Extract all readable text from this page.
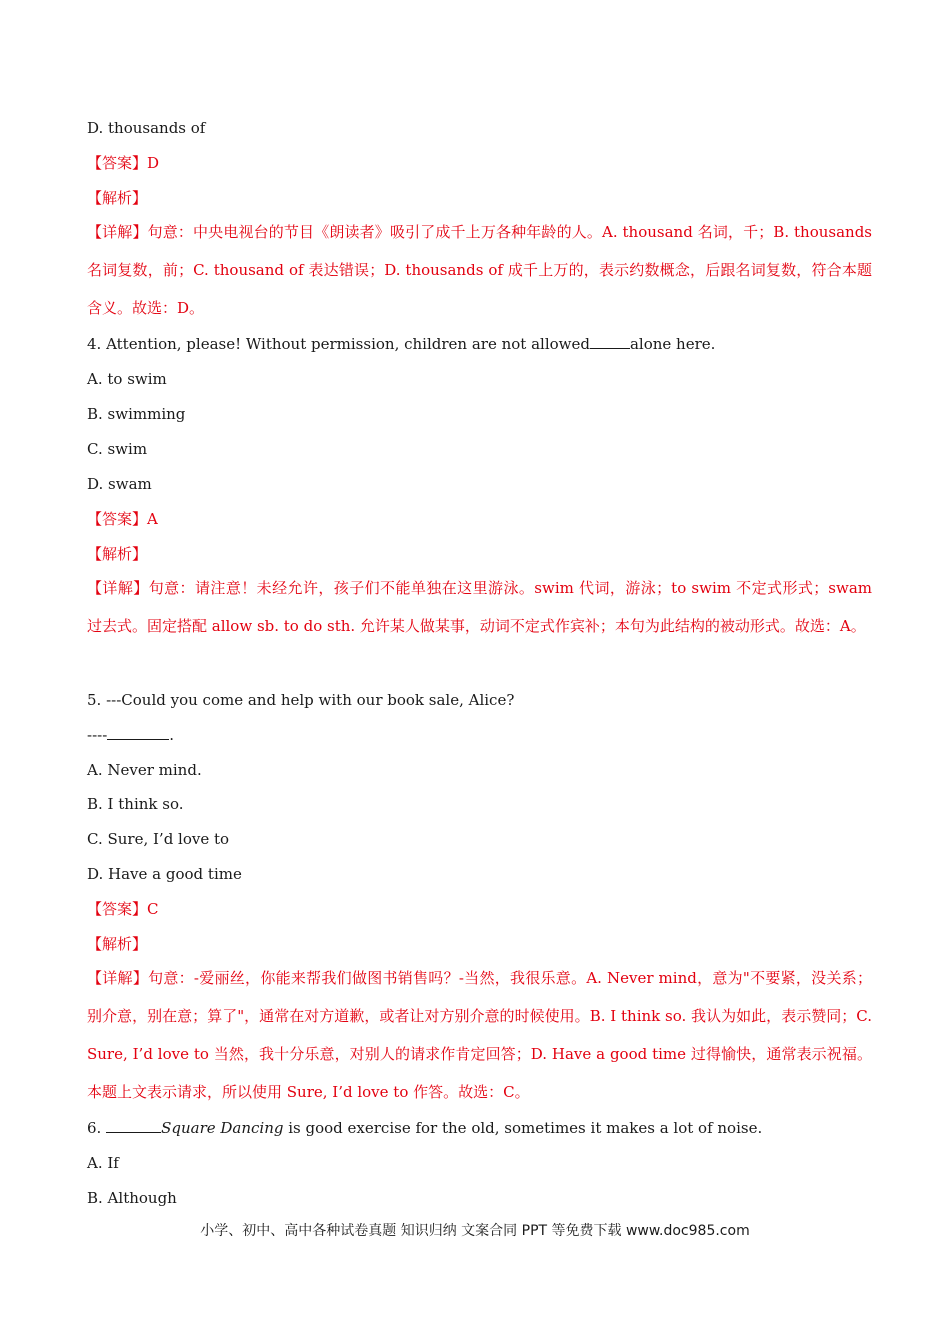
D. thousands of

【答案】D

【解析】

【详解】句意：中央电视台的节目《朗读者》吸引了成千上万各种年龄的人。A. thousand 名词，千；B. thousands 名词复数，前；C. thousand of 表达错误；D. thousands of 成千上万的，表示约数概念，后跟名词复数，符合本题含义。故选：D。

4. Attention, please! Without permission, children are not allowed	alone here.

A. to swim

B. swimming

C. swim

D. swam

【答案】A

【解析】

【详解】句意：请注意！未经允许，孩子们不能单独在这里游泳。swim 代词，游泳；to swim 不定式形式；swam 过去式。固定搭配 allow sb. to do sth. 允许某人做某事，动词不定式作宾补；本句为此结构的被动形式。故选：A。

5. ---Could you come and help with our book sale, Alice?

----	.

A. Never mind.

B. I think so.

C. Sure, I’d love to

D. Have a good time

【答案】C

【解析】

【详解】句意：-爱丽丝，你能来帮我们做图书销售吗？-当然，我很乐意。A. Never mind，意为"不要紧，没关系；别介意，别在意；算了"，通常在对方道歉，或者让对方别介意的时候使用。B. I think so. 我认为如此，表示赞同；C. Sure, I’d love to 当然，我十分乐意，对别人的请求作肯定回答；D. Have a good time 过得愉快，通常表示祝福。本题上文表示请求，所以使用 Sure, I’d love to 作答。故选：C。

6.	Square Dancing is good exercise for the old, sometimes it makes a lot of noise.

A. If

B. Although

小学、初中、高中各种试卷真题 知识归纳 文案合同 PPT 等免费下载 www.doc985.com
